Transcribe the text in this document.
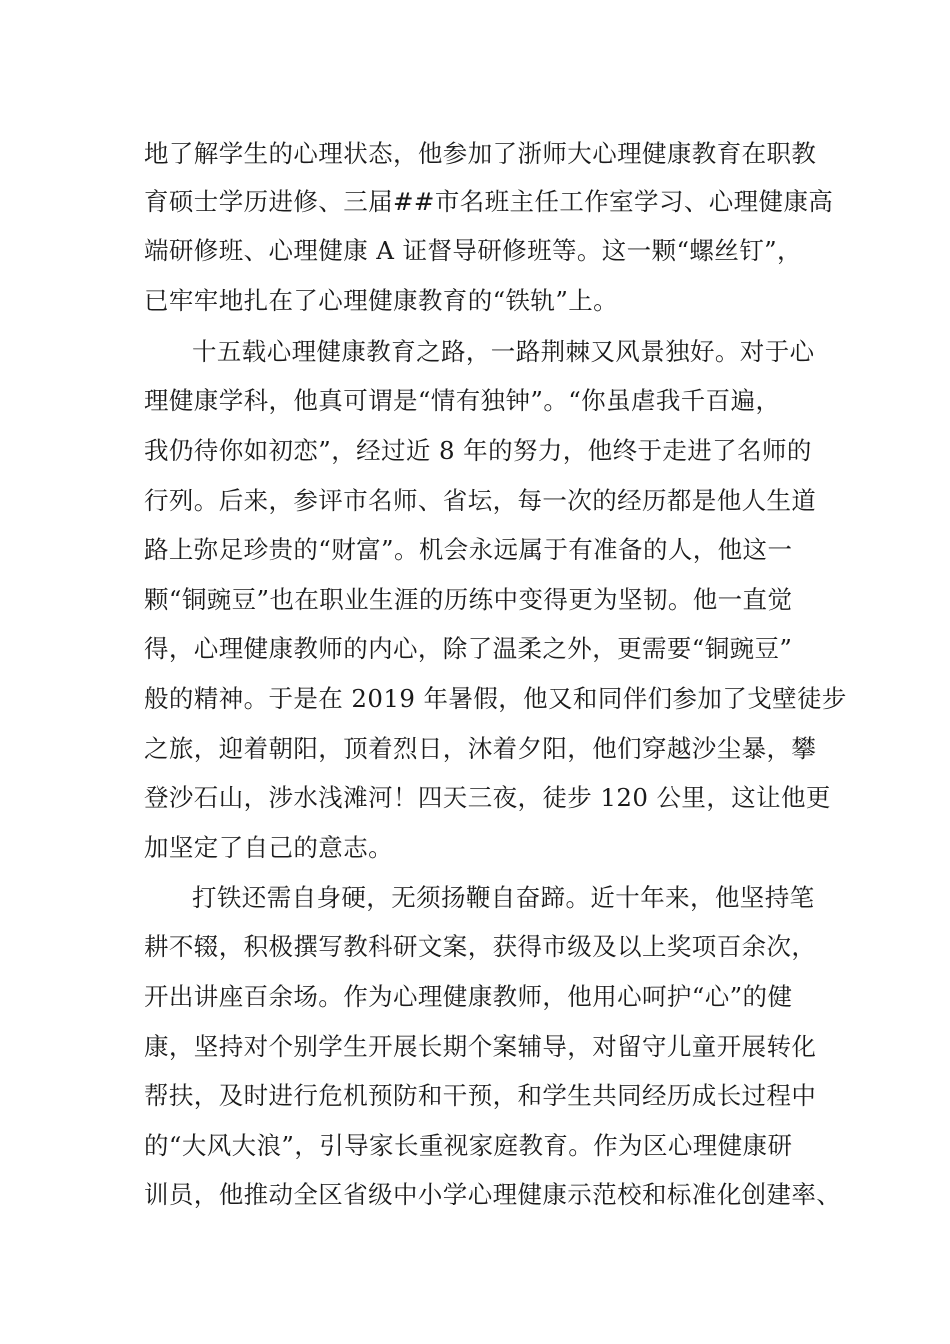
地了解学生的心理状态，他参加了浙师大心理健康教育在职教
育硕士学历进修、三届##市名班主任工作室学习、心理健康高
端研修班、心理健康 A 证督导研修班等。这一颗“螺丝钉”，
已牢牢地扎在了心理健康教育的“铁轨”上。
十五载心理健康教育之路，一路荆棘又风景独好。对于心
理健康学科，他真可谓是“情有独钟”。“你虽虐我千百遍，
我仍待你如初恋”，经过近 8 年的努力，他终于走进了名师的
行列。后来，参评市名师、省坛，每一次的经历都是他人生道
路上弥足珍贵的“财富”。机会永远属于有准备的人，他这一
颗“铜豌豆”也在职业生涯的历练中变得更为坚韧。他一直觉
得，心理健康教师的内心，除了温柔之外，更需要“铜豌豆”
般的精神。于是在 2019 年暑假，他又和同伴们参加了戈壁徒步
之旅，迎着朝阳，顶着烈日，沐着夕阳，他们穿越沙尘暴，攀
登沙石山，涉水浅滩河！四天三夜，徒步 120 公里，这让他更
加坚定了自己的意志。
打铁还需自身硬，无须扬鞭自奋蹄。近十年来，他坚持笔
耕不辍，积极撰写教科研文案，获得市级及以上奖项百余次，
开出讲座百余场。作为心理健康教师，他用心呵护“心”的健
康，坚持对个别学生开展长期个案辅导，对留守儿童开展转化
帮扶，及时进行危机预防和干预，和学生共同经历成长过程中
的“大风大浪”，引导家长重视家庭教育。作为区心理健康研
训员，他推动全区省级中小学心理健康示范校和标准化创建率、
